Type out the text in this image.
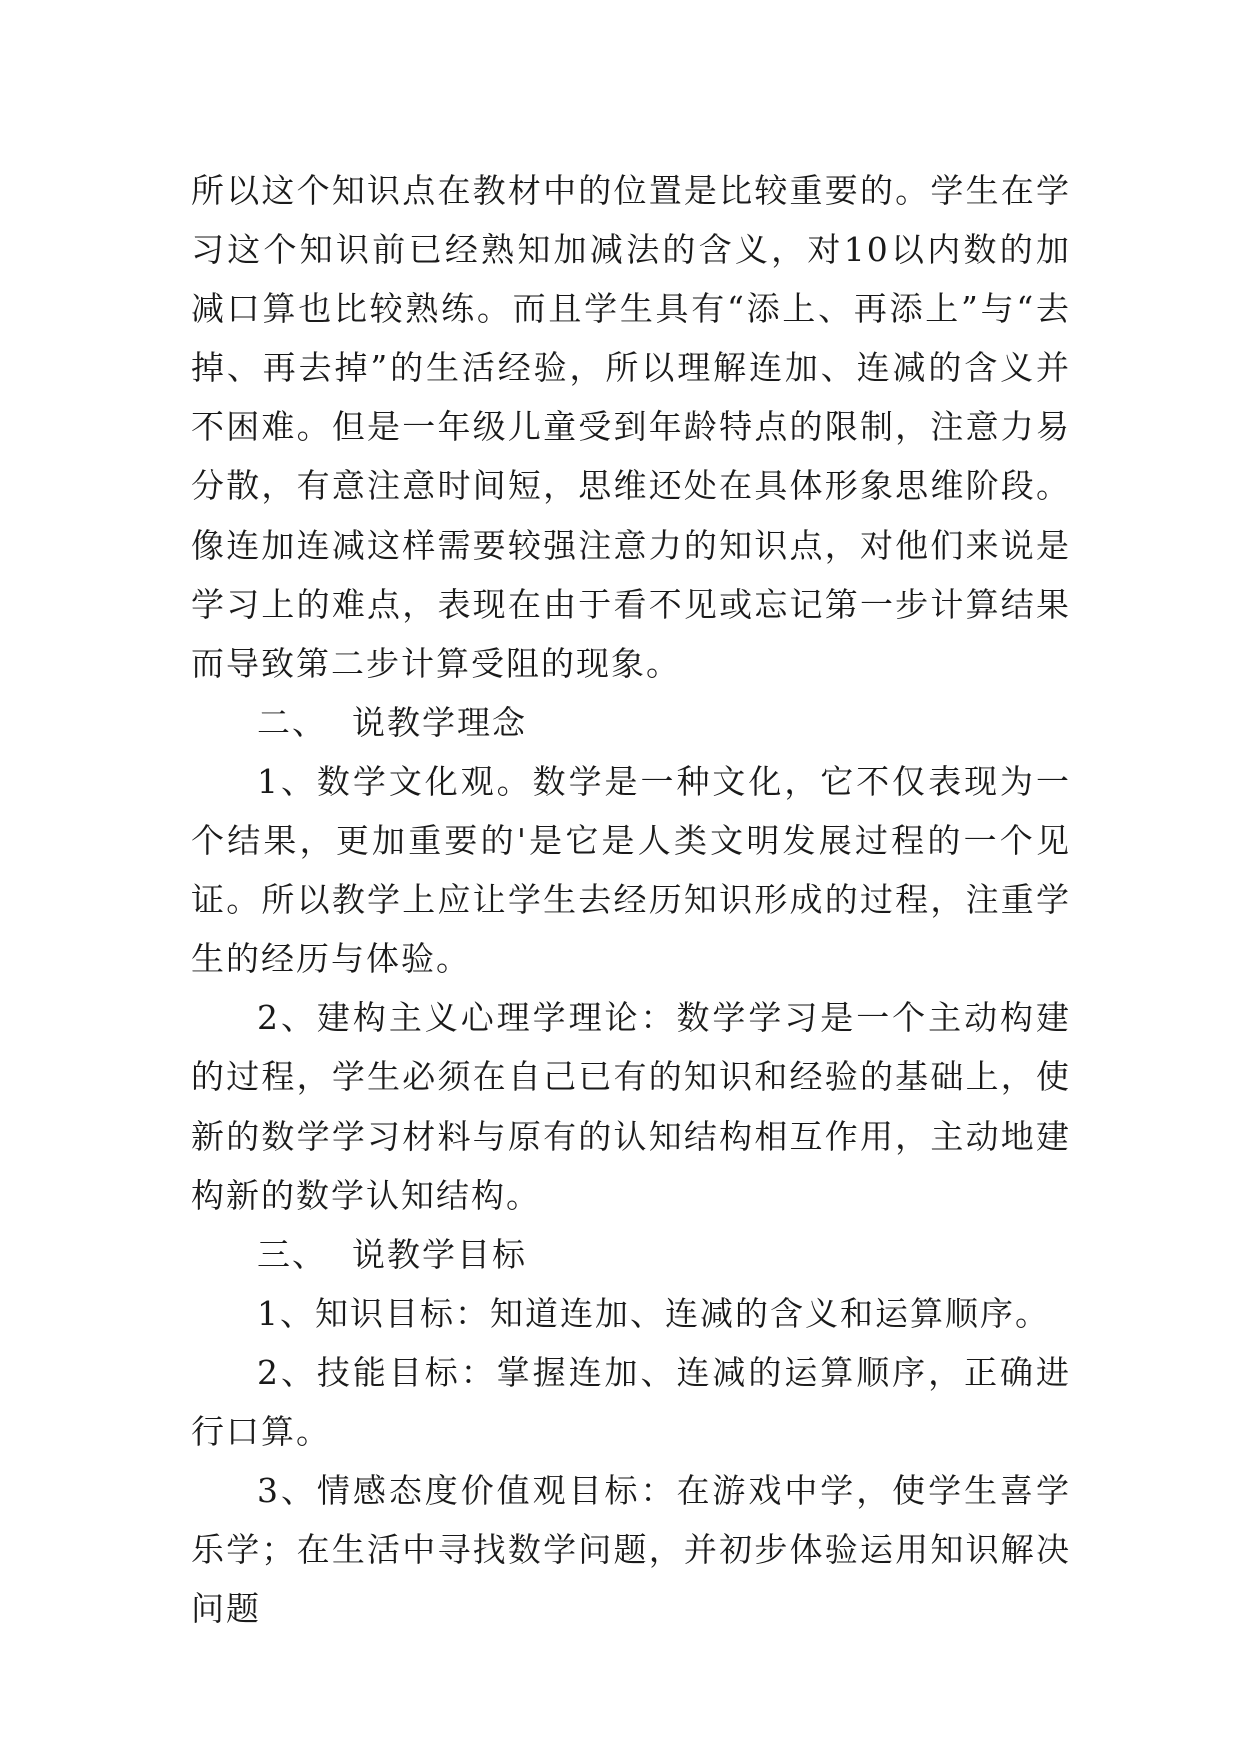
所以这个知识点在教材中的位置是比较重要的。学生在学习这个知识前已经熟知加减法的含义，对10以内数的加减口算也比较熟练。而且学生具有“添上、再添上”与“去掉、再去掉”的生活经验，所以理解连加、连减的含义并不困难。但是一年级儿童受到年龄特点的限制，注意力易分散，有意注意时间短，思维还处在具体形象思维阶段。像连加连减这样需要较强注意力的知识点，对他们来说是学习上的难点，表现在由于看不见或忘记第一步计算结果而导致第二步计算受阻的现象。

二、  说教学理念

1、数学文化观。数学是一种文化，它不仅表现为一个结果，更加重要的'是它是人类文明发展过程的一个见证。所以教学上应让学生去经历知识形成的过程，注重学生的经历与体验。

2、建构主义心理学理论：数学学习是一个主动构建的过程，学生必须在自己已有的知识和经验的基础上，使新的数学学习材料与原有的认知结构相互作用，主动地建构新的数学认知结构。

三、  说教学目标

1、知识目标：知道连加、连减的含义和运算顺序。

2、技能目标：掌握连加、连减的运算顺序，正确进行口算。

3、情感态度价值观目标：在游戏中学，使学生喜学乐学；在生活中寻找数学问题，并初步体验运用知识解决问题
